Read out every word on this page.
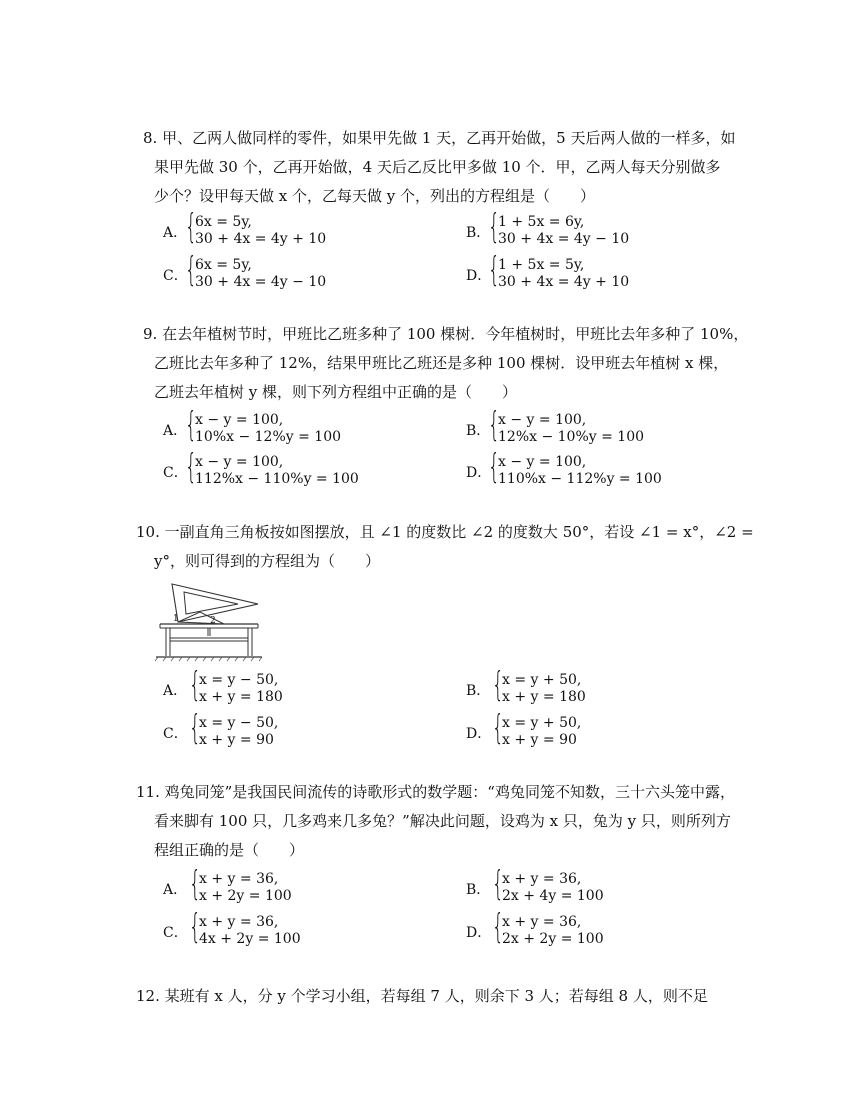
8. 甲、乙两人做同样的零件，如果甲先做 1 天，乙再开始做，5 天后两人做的一样多，如
果甲先做 30 个，乙再开始做，4 天后乙反比甲多做 10 个．甲，乙两人每天分别做多
少个？设甲每天做 x 个，乙每天做 y 个，列出的方程组是（　　）
A．
{
6x = 5y,
30 + 4x = 4y + 10	B．
{
1 + 5x = 6y,
30 + 4x = 4y − 10
C．
{
6x = 5y,
30 + 4x = 4y − 10	D．
{
1 + 5x = 5y,
30 + 4x = 4y + 10
9. 在去年植树节时，甲班比乙班多种了 100 棵树．今年植树时，甲班比去年多种了 10%，
乙班比去年多种了 12%，结果甲班比乙班还是多种 100 棵树．设甲班去年植树 x 棵，
乙班去年植树 y 棵，则下列方程组中正确的是（　　）
A．
{
x − y = 100,
10%x − 12%y = 100	B．
{
x − y = 100,
12%x − 10%y = 100
C．
{
x − y = 100,
112%x − 110%y = 100	D．
{
x − y = 100,
110%x − 112%y = 100
10. 一副直角三角板按如图摆放，且 ∠1 的度数比 ∠2 的度数大 50°，若设 ∠1 = x°，∠2 =
y°，则可得到的方程组为（　　）
1	2
A． {
x = y − 50,
x + y = 180	B． {
x = y + 50,
x + y = 180
C． {
x = y − 50,
x + y = 90	D． {
x = y + 50,
x + y = 90
11. 鸡兔同笼”是我国民间流传的诗歌形式的数学题：“鸡兔同笼不知数，三十六头笼中露，
看来脚有 100 只，几多鸡来几多兔？”解决此问题，设鸡为 x 只，兔为 y 只，则所列方
程组正确的是（　　）
A． {
x + y = 36,
x + 2y = 100	B． {
x + y = 36,
2x + 4y = 100
C． {
x + y = 36,
4x + 2y = 100	D． {
x + y = 36,
2x + 2y = 100
12. 某班有 x 人，分 y 个学习小组，若每组 7 人，则余下 3 人；若每组 8 人，则不足
